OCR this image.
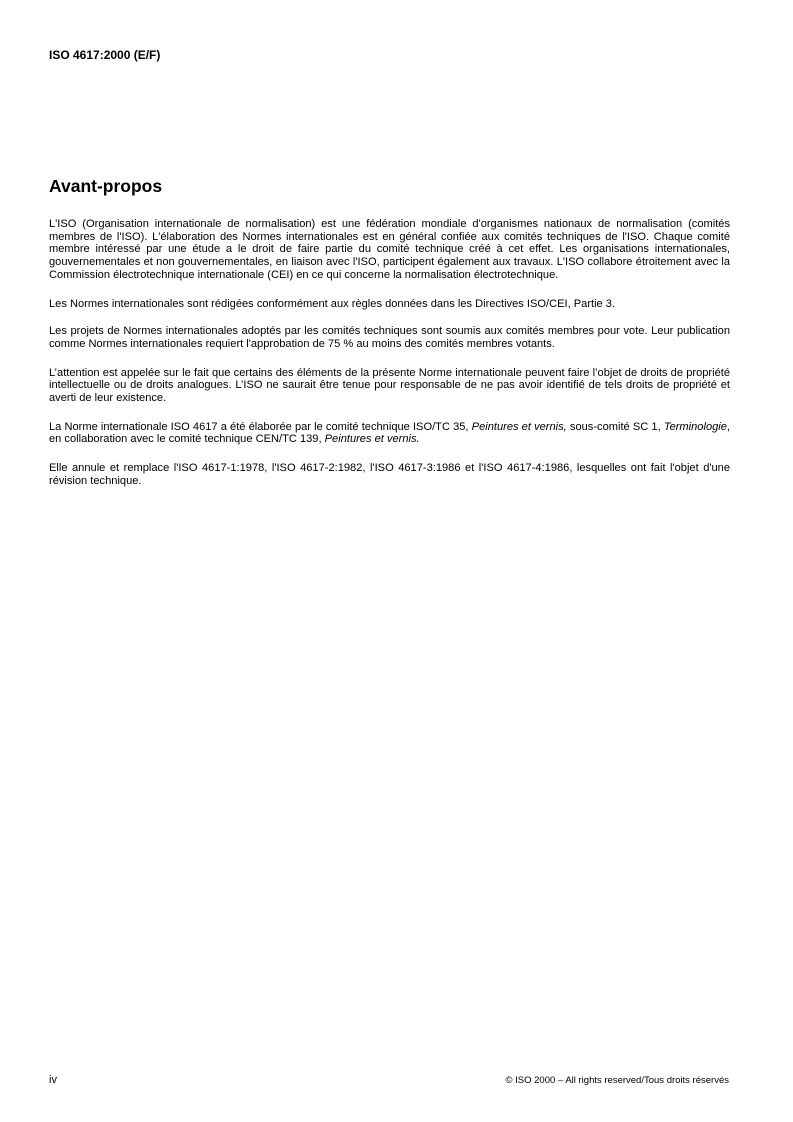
ISO 4617:2000 (E/F)

Avant-propos

L'ISO (Organisation internationale de normalisation) est une fédération mondiale d'organismes nationaux de normalisation (comités membres de l'ISO). L'élaboration des Normes internationales est en général confiée aux comités techniques de l'ISO. Chaque comité membre intéressé par une étude a le droit de faire partie du comité technique créé à cet effet. Les organisations internationales, gouvernementales et non gouvernementales, en liaison avec l'ISO, participent également aux travaux. L'ISO collabore étroitement avec la Commission électrotechnique internationale (CEI) en ce qui concerne la normalisation électrotechnique.

Les Normes internationales sont rédigées conformément aux règles données dans les Directives ISO/CEI, Partie 3.

Les projets de Normes internationales adoptés par les comités techniques sont soumis aux comités membres pour vote. Leur publication comme Normes internationales requiert l'approbation de 75 % au moins des comités membres votants.

L’attention est appelée sur le fait que certains des éléments de la présente Norme internationale peuvent faire l’objet de droits de propriété intellectuelle ou de droits analogues. L’ISO ne saurait être tenue pour responsable de ne pas avoir identifié de tels droits de propriété et averti de leur existence.

La Norme internationale ISO 4617 a été élaborée par le comité technique ISO/TC 35, Peintures et vernis, sous-comité SC 1, Terminologie, en collaboration avec le comité technique CEN/TC 139, Peintures et vernis.

Elle annule et remplace l'ISO 4617-1:1978, l'ISO 4617-2:1982, l'ISO 4617-3:1986 et l'ISO 4617-4:1986, lesquelles ont fait l'objet d'une révision technique.

iv	© ISO 2000 – All rights reserved/Tous droits réservés
